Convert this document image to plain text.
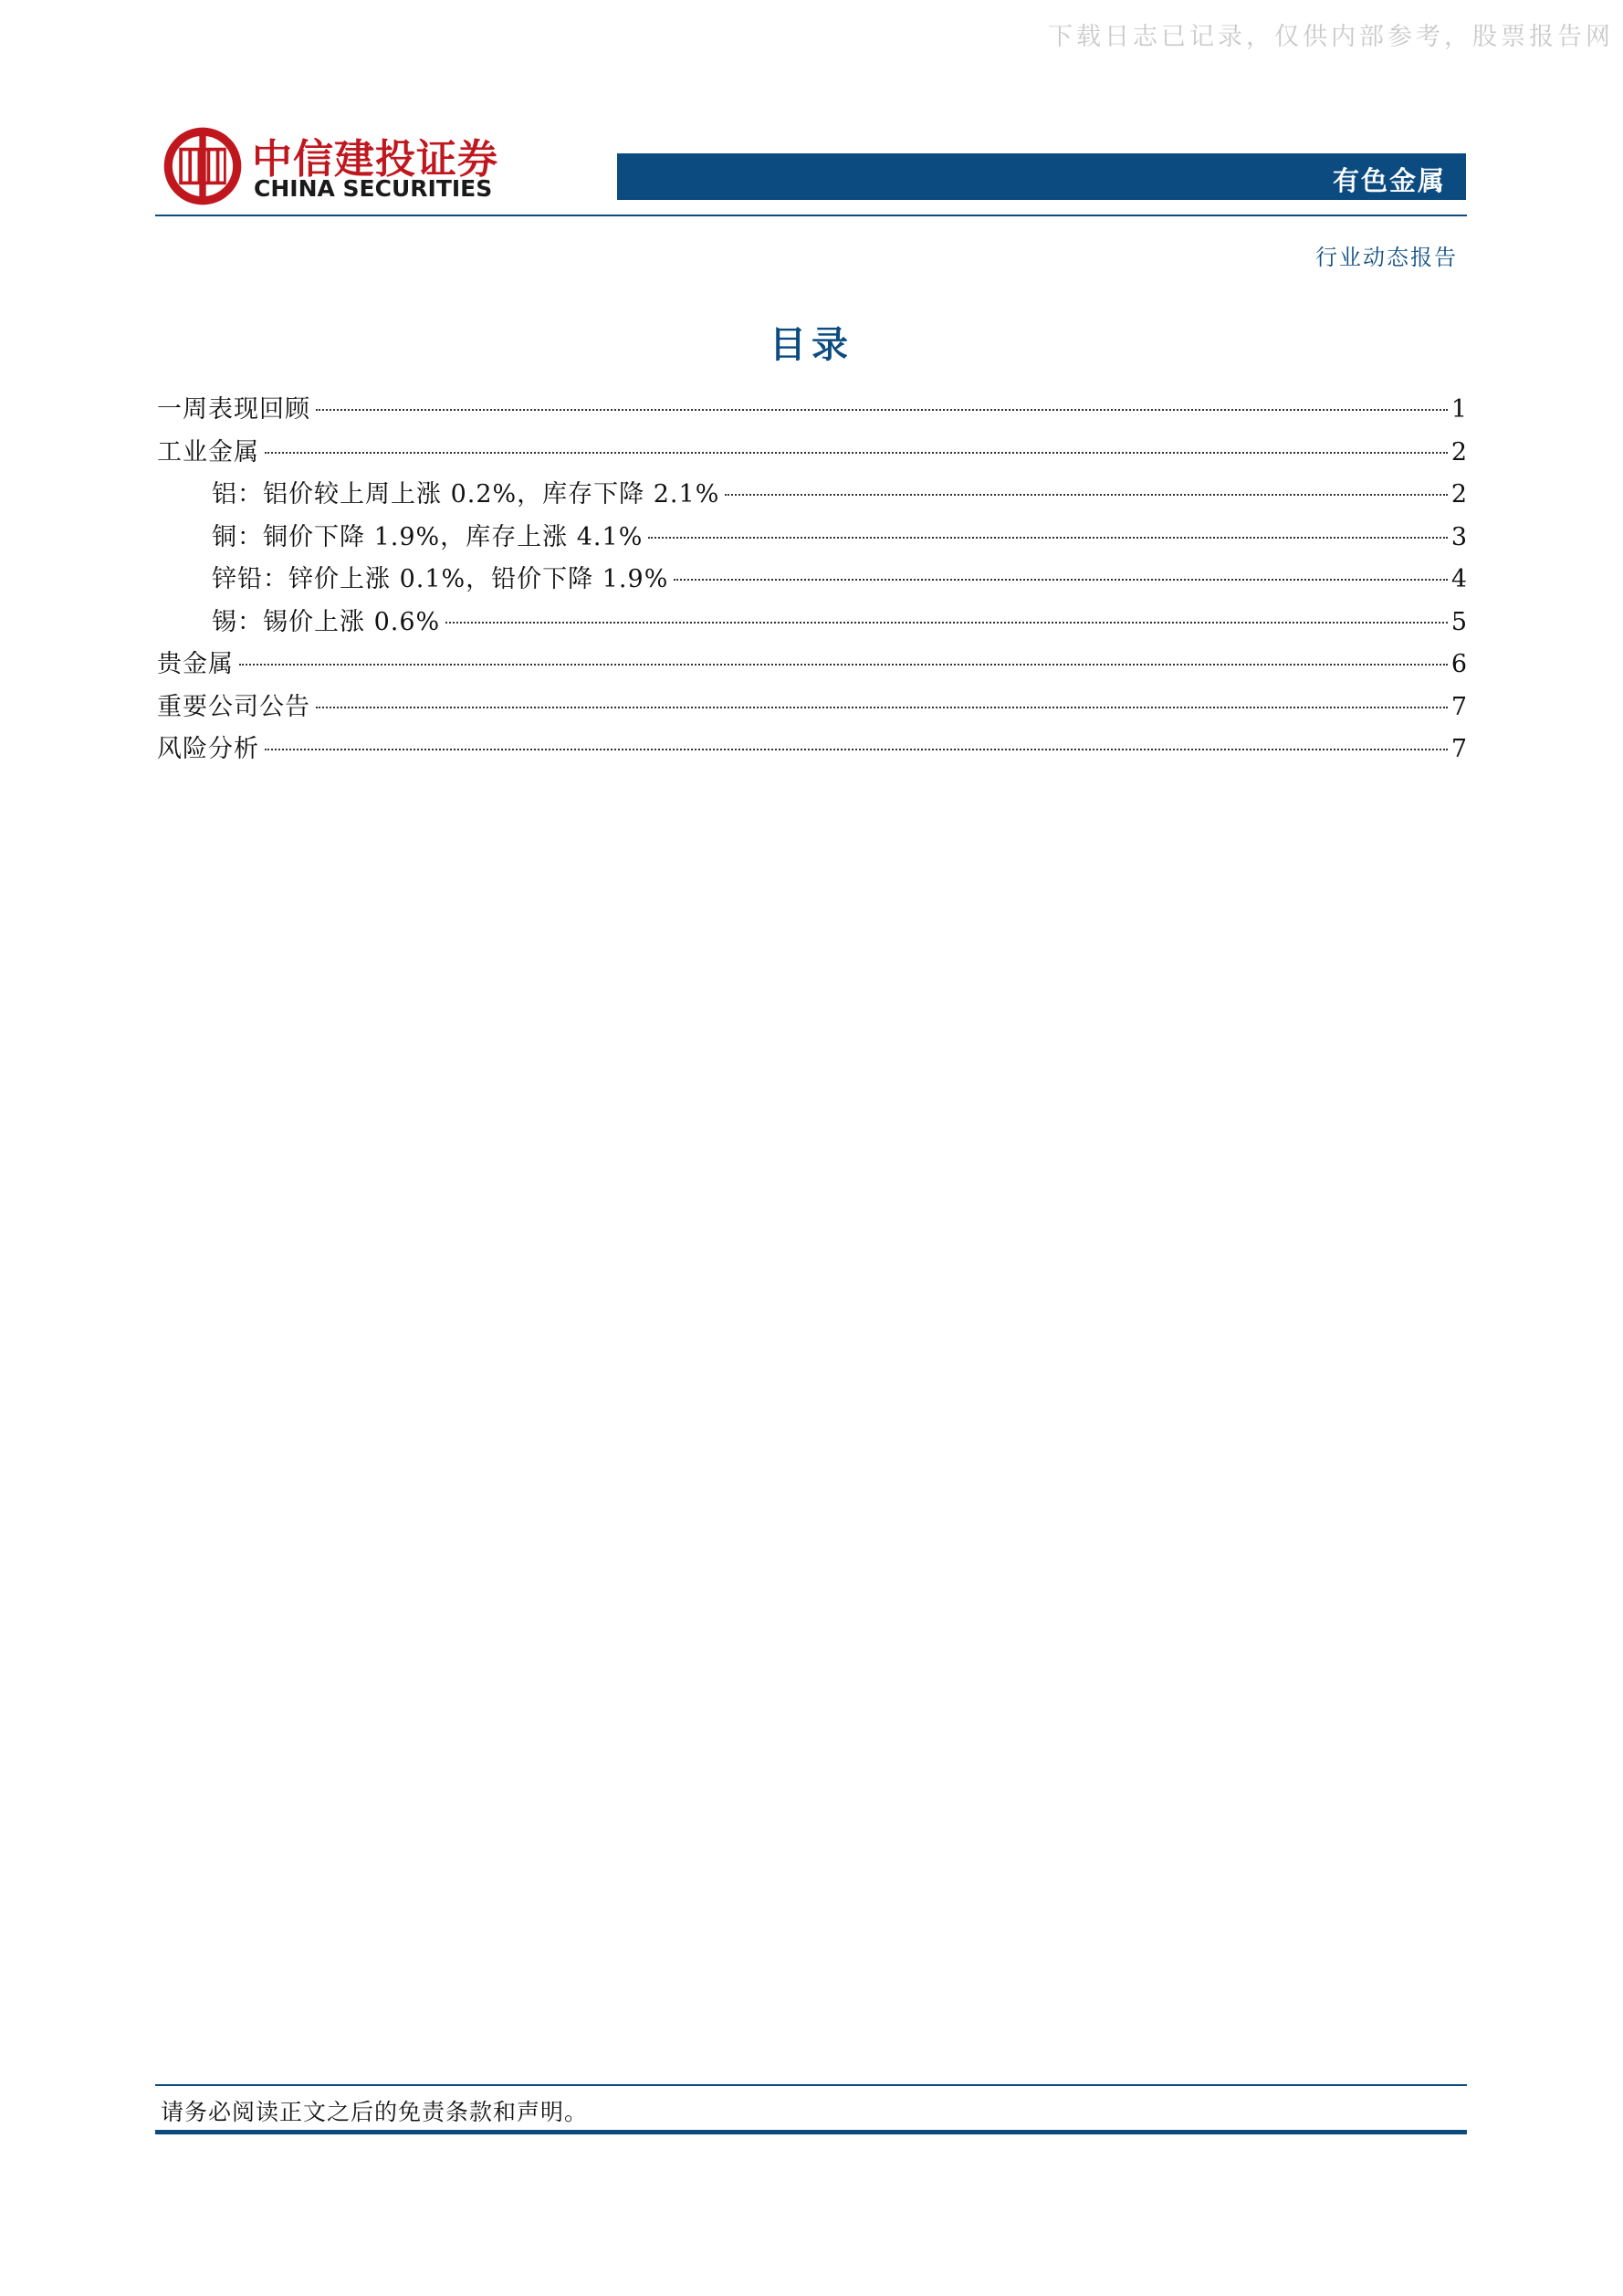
下载日志已记录，仅供内部参考，股票报告网
中信建投证券
CHINA SECURITIES	有色金属
行业动态报告
目录
一周表现回顾	1
工业金属	2
铝：铝价较上周上涨 0.2%，库存下降 2.1%	2
铜：铜价下降 1.9%，库存上涨 4.1%	3
锌铅：锌价上涨 0.1%，铅价下降 1.9%	4
锡：锡价上涨 0.6%	5
贵金属	6
重要公司公告	7
风险分析	7
请务必阅读正文之后的免责条款和声明。
